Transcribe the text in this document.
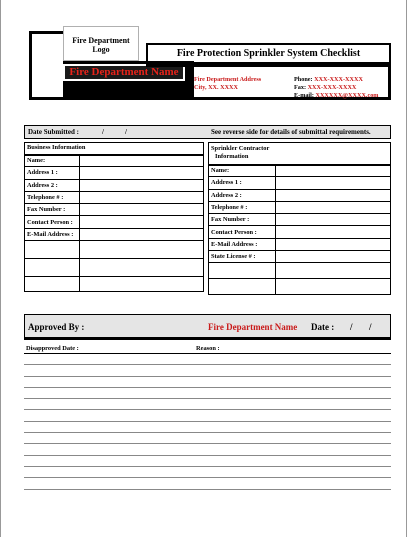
Fire Department Logo
Fire Department Name
Fire Protection Sprinkler System Checklist
Fire Department Address
City, XX. XXXX
Phone: XXX-XXX-XXXX
Fax: XXX-XXX-XXXX
E-mail: XXXXXX@XXXX.com
Date Submitted :	/	/	See reverse side for details of submittal requirements.
Business Information	
Name:	
Address 1 :	
Address 2 :	
Telephone # :	
Fax Number :	
Contact Person :	
E-Mail Address :	

Sprinkler Contractor
Information	

Name:	
Address 1 :	
Address 2 :	
Telephone # :	
Fax Number :	
Contact Person :	
E-Mail Address :	
State License # :	

Approved By :	Fire Department Name Date : / /
Disapproved Date :	Reason :
